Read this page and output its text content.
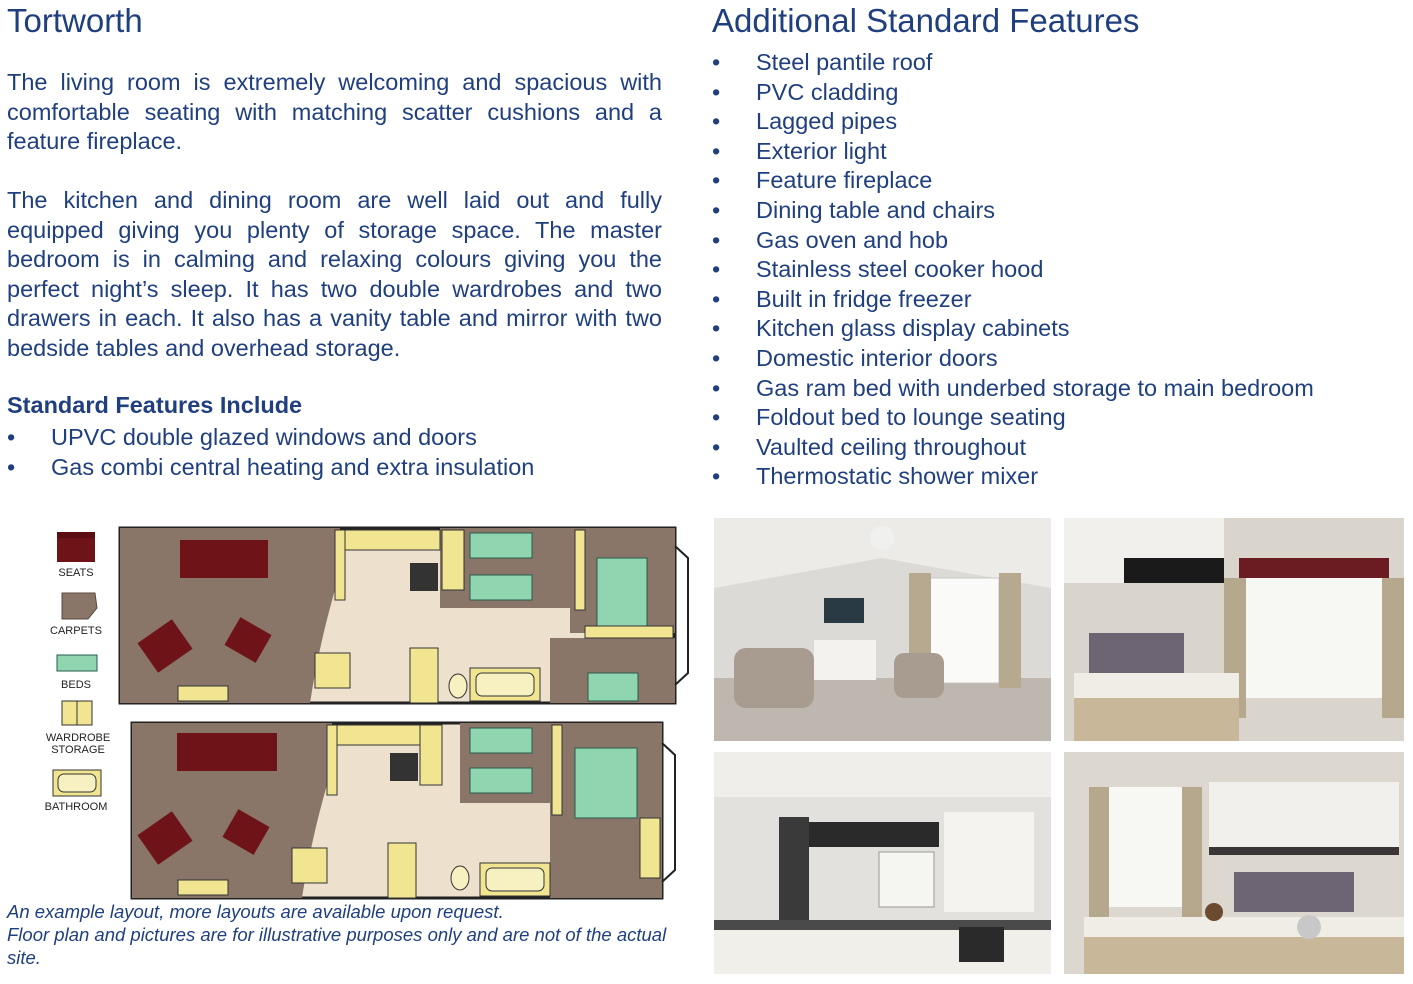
Tortworth	Additional Standard Features

The living room is extremely welcoming and spacious with comfortable seating with matching scatter cushions and a feature fireplace.

The kitchen and dining room are well laid out and fully equipped giving you plenty of storage space. The master bedroom is in calming and relaxing colours giving you the perfect night’s sleep. It has two double wardrobes and two drawers in each. It also has a vanity table and mirror with two bedside tables and overhead storage.

Standard Features Include
• UPVC double glazed windows and doors
• Gas combi central heating and extra insulation
• Steel pantile roof
• PVC cladding
• Lagged pipes
• Exterior light
• Feature fireplace
• Dining table and chairs
• Gas oven and hob
• Stainless steel cooker hood
• Built in fridge freezer
• Kitchen glass display cabinets
• Domestic interior doors
• Gas ram bed with underbed storage to main bedroom
• Foldout bed to lounge seating
• Vaulted ceiling throughout
• Thermostatic shower mixer
SEATS
CARPETS
BEDS
WARDROBE
STORAGE
BATHROOM
An example layout, more layouts are available upon request.
Floor plan and pictures are for illustrative purposes only and are not of the actual site.
